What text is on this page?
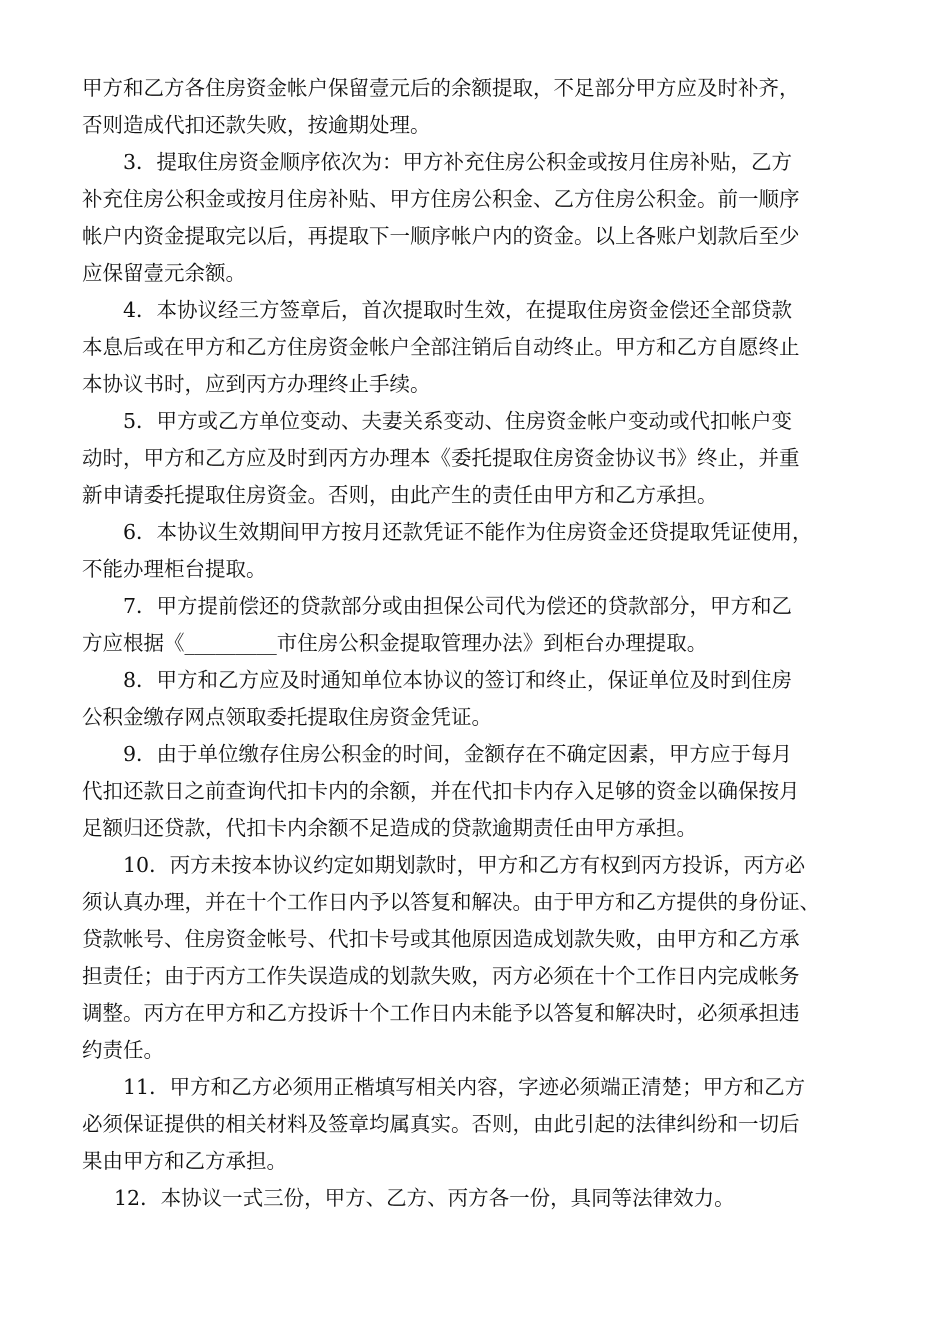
甲方和乙方各住房资金帐户保留壹元后的余额提取，不足部分甲方应及时补齐，
否则造成代扣还款失败，按逾期处理。
3．提取住房资金顺序依次为：甲方补充住房公积金或按月住房补贴，乙方
补充住房公积金或按月住房补贴、甲方住房公积金、乙方住房公积金。前一顺序
帐户内资金提取完以后，再提取下一顺序帐户内的资金。以上各账户划款后至少
应保留壹元余额。
4．本协议经三方签章后，首次提取时生效，在提取住房资金偿还全部贷款
本息后或在甲方和乙方住房资金帐户全部注销后自动终止。甲方和乙方自愿终止
本协议书时，应到丙方办理终止手续。
5．甲方或乙方单位变动、夫妻关系变动、住房资金帐户变动或代扣帐户变
动时，甲方和乙方应及时到丙方办理本《委托提取住房资金协议书》终止，并重
新申请委托提取住房资金。否则，由此产生的责任由甲方和乙方承担。
6．本协议生效期间甲方按月还款凭证不能作为住房资金还贷提取凭证使用，
不能办理柜台提取。
7．甲方提前偿还的贷款部分或由担保公司代为偿还的贷款部分，甲方和乙
方应根据《_________市住房公积金提取管理办法》到柜台办理提取。
8．甲方和乙方应及时通知单位本协议的签订和终止，保证单位及时到住房
公积金缴存网点领取委托提取住房资金凭证。
9．由于单位缴存住房公积金的时间，金额存在不确定因素，甲方应于每月
代扣还款日之前查询代扣卡内的余额，并在代扣卡内存入足够的资金以确保按月
足额归还贷款，代扣卡内余额不足造成的贷款逾期责任由甲方承担。
10．丙方未按本协议约定如期划款时，甲方和乙方有权到丙方投诉，丙方必
须认真办理，并在十个工作日内予以答复和解决。由于甲方和乙方提供的身份证、
贷款帐号、住房资金帐号、代扣卡号或其他原因造成划款失败，由甲方和乙方承
担责任；由于丙方工作失误造成的划款失败，丙方必须在十个工作日内完成帐务
调整。丙方在甲方和乙方投诉十个工作日内未能予以答复和解决时，必须承担违
约责任。
11．甲方和乙方必须用正楷填写相关内容，字迹必须端正清楚；甲方和乙方
必须保证提供的相关材料及签章均属真实。否则，由此引起的法律纠纷和一切后
果由甲方和乙方承担。
12．本协议一式三份，甲方、乙方、丙方各一份，具同等法律效力。
